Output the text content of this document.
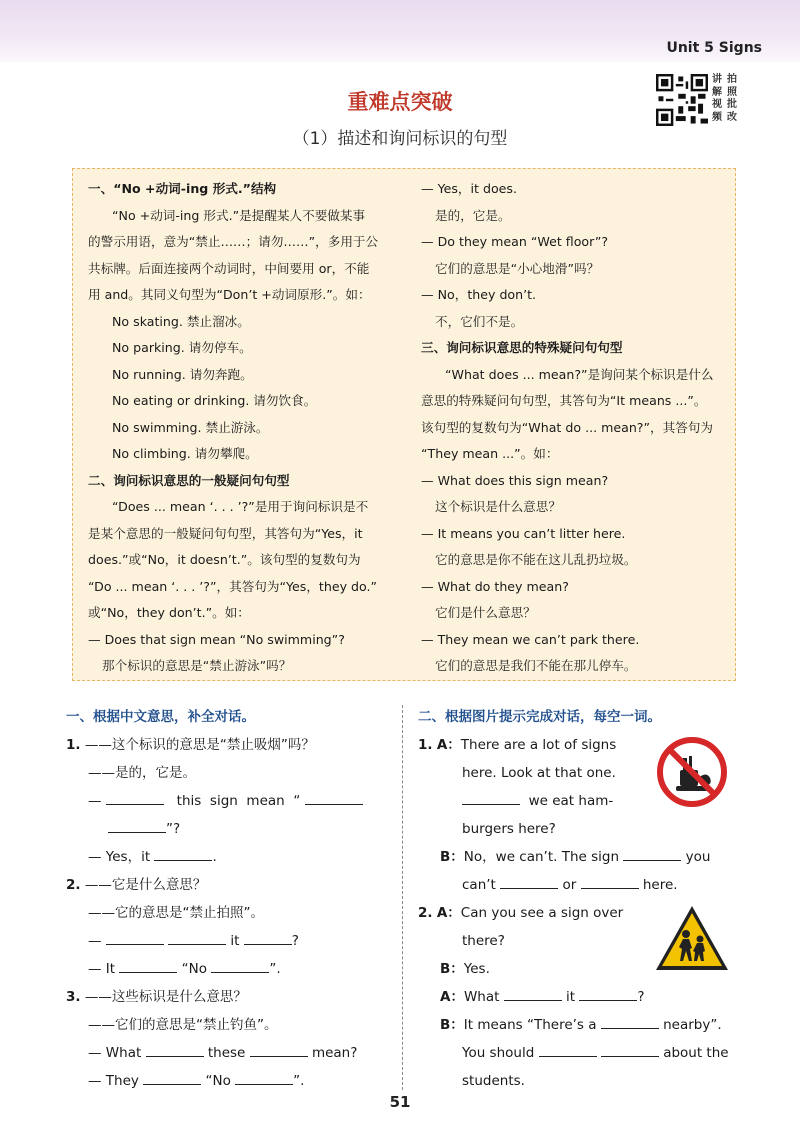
Unit 5 Signs
重难点突破
（1）描述和询问标识的句型
讲
解
视
频
拍
照
批
改
一、“No +动词-ing 形式.”结构
“No +动词-ing 形式.”是提醒某人不要做某事
的警示用语，意为“禁止……；请勿……”，多用于公
共标牌。后面连接两个动词时，中间要用 or，不能
用 and。其同义句型为“Don’t +动词原形.”。如：
No skating. 禁止溜冰。
No parking. 请勿停车。
No running. 请勿奔跑。
No eating or drinking. 请勿饮食。
No swimming. 禁止游泳。
No climbing. 请勿攀爬。
二、询问标识意思的一般疑问句句型
“Does ... mean ‘. . . ’?”是用于询问标识是不
是某个意思的一般疑问句句型，其答句为“Yes，it
does.”或“No，it doesn’t.”。该句型的复数句为
“Do ... mean ‘. . . ’?”，其答句为“Yes，they do.”
或“No，they don’t.”。如：
— Does that sign mean “No swimming”?
那个标识的意思是“禁止游泳”吗？
— Yes，it does.
是的，它是。
— Do they mean “Wet floor”?
它们的意思是“小心地滑”吗？
— No，they don’t.
不，它们不是。
三、询问标识意思的特殊疑问句句型
“What does ... mean?”是询问某个标识是什么
意思的特殊疑问句句型，其答句为“It means ...”。
该句型的复数句为“What do ... mean?”，其答句为
“They mean ...”。如：
— What does this sign mean?
这个标识是什么意思？
— It means you can’t litter here.
它的意思是你不能在这儿乱扔垃圾。
— What do they mean?
它们是什么意思？
— They mean we can’t park there.
它们的意思是我们不能在那儿停车。
一、根据中文意思，补全对话。
1. ——这个标识的意思是“禁止吸烟”吗？
——是的，它是。
—	this sign mean “
”?
— Yes，it	.
2. ——它是什么意思？
——它的意思是“禁止拍照”。
—	it	?
— It	“No	”.
3. ——这些标识是什么意思？
——它们的意思是“禁止钓鱼”。
— What	these	mean?
— They	“No	”.
二、根据图片提示完成对话，每空一词。
1. A：There are a lot of signs
here. Look at that one.
we eat ham-
burgers here?
B：No，we can’t. The sign	you
can’t	or	here.
2. A：Can you see a sign over
there?
B：Yes.
A：What	it	?
B：It means “There’s a	nearby”.
You should	about the
students.
51
